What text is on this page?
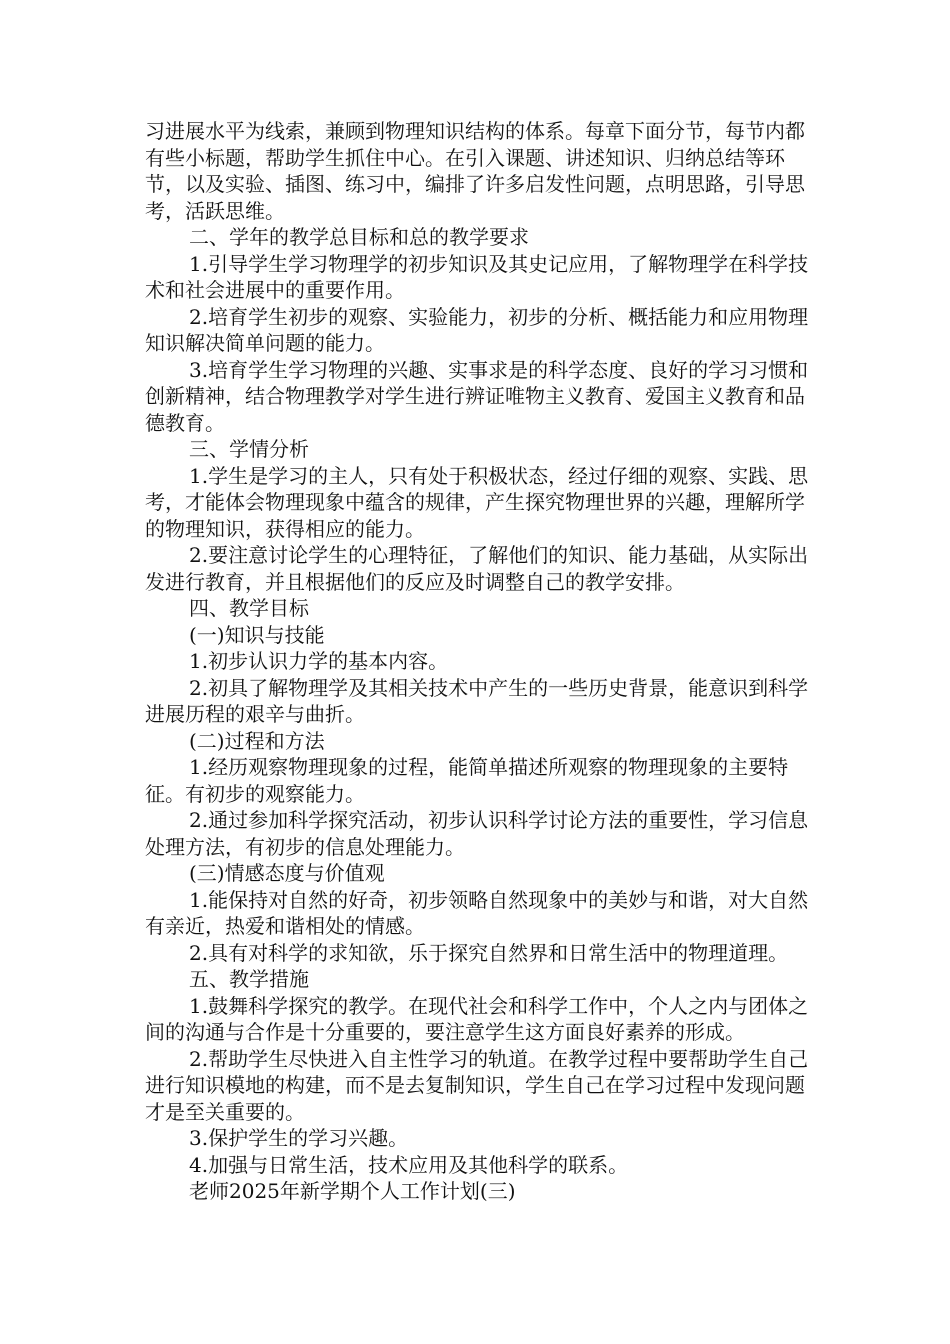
习进展水平为线索，兼顾到物理知识结构的体系。每章下面分节，每节内都有些小标题，帮助学生抓住中心。在引入课题、讲述知识、归纳总结等环节，以及实验、插图、练习中，编排了许多启发性问题，点明思路，引导思考，活跃思维。

二、学年的教学总目标和总的教学要求

1.引导学生学习物理学的初步知识及其史记应用，了解物理学在科学技术和社会进展中的重要作用。

2.培育学生初步的观察、实验能力，初步的分析、概括能力和应用物理知识解决简单问题的能力。

3.培育学生学习物理的兴趣、实事求是的科学态度、良好的学习习惯和创新精神，结合物理教学对学生进行辨证唯物主义教育、爱国主义教育和品德教育。

三、学情分析

1.学生是学习的主人，只有处于积极状态，经过仔细的观察、实践、思考，才能体会物理现象中蕴含的规律，产生探究物理世界的兴趣，理解所学的物理知识，获得相应的能力。

2.要注意讨论学生的心理特征，了解他们的知识、能力基础，从实际出发进行教育，并且根据他们的反应及时调整自己的教学安排。

四、教学目标

(一)知识与技能

1.初步认识力学的基本内容。

2.初具了解物理学及其相关技术中产生的一些历史背景，能意识到科学进展历程的艰辛与曲折。

(二)过程和方法

1.经历观察物理现象的过程，能简单描述所观察的物理现象的主要特征。有初步的观察能力。

2.通过参加科学探究活动，初步认识科学讨论方法的重要性，学习信息处理方法，有初步的信息处理能力。

(三)情感态度与价值观

1.能保持对自然的好奇，初步领略自然现象中的美妙与和谐，对大自然有亲近，热爱和谐相处的情感。

2.具有对科学的求知欲，乐于探究自然界和日常生活中的物理道理。

五、教学措施

1.鼓舞科学探究的教学。在现代社会和科学工作中，个人之内与团体之间的沟通与合作是十分重要的，要注意学生这方面良好素养的形成。

2.帮助学生尽快进入自主性学习的轨道。在教学过程中要帮助学生自己进行知识模地的构建，而不是去复制知识，学生自己在学习过程中发现问题才是至关重要的。

3.保护学生的学习兴趣。

4.加强与日常生活，技术应用及其他科学的联系。

老师2025年新学期个人工作计划(三)
